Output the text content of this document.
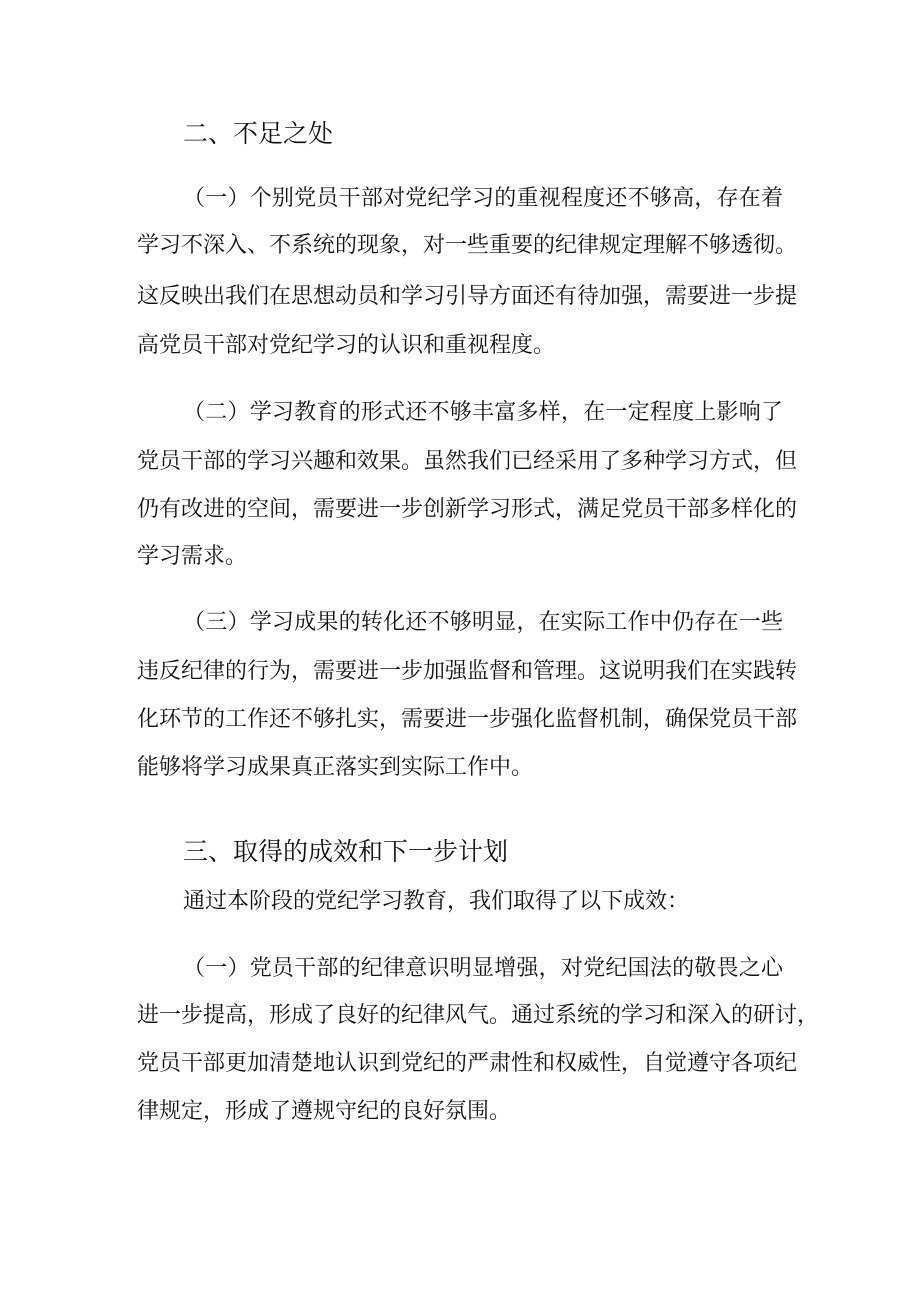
二、不足之处
（一）个别党员干部对党纪学习的重视程度还不够高，存在着
学习不深入、不系统的现象，对一些重要的纪律规定理解不够透彻。
这反映出我们在思想动员和学习引导方面还有待加强，需要进一步提
高党员干部对党纪学习的认识和重视程度。
（二）学习教育的形式还不够丰富多样，在一定程度上影响了
党员干部的学习兴趣和效果。虽然我们已经采用了多种学习方式，但
仍有改进的空间，需要进一步创新学习形式，满足党员干部多样化的
学习需求。
（三）学习成果的转化还不够明显，在实际工作中仍存在一些
违反纪律的行为，需要进一步加强监督和管理。这说明我们在实践转
化环节的工作还不够扎实，需要进一步强化监督机制，确保党员干部
能够将学习成果真正落实到实际工作中。
三、取得的成效和下一步计划
通过本阶段的党纪学习教育，我们取得了以下成效：
（一）党员干部的纪律意识明显增强，对党纪国法的敬畏之心
进一步提高，形成了良好的纪律风气。通过系统的学习和深入的研讨，
党员干部更加清楚地认识到党纪的严肃性和权威性，自觉遵守各项纪
律规定，形成了遵规守纪的良好氛围。
